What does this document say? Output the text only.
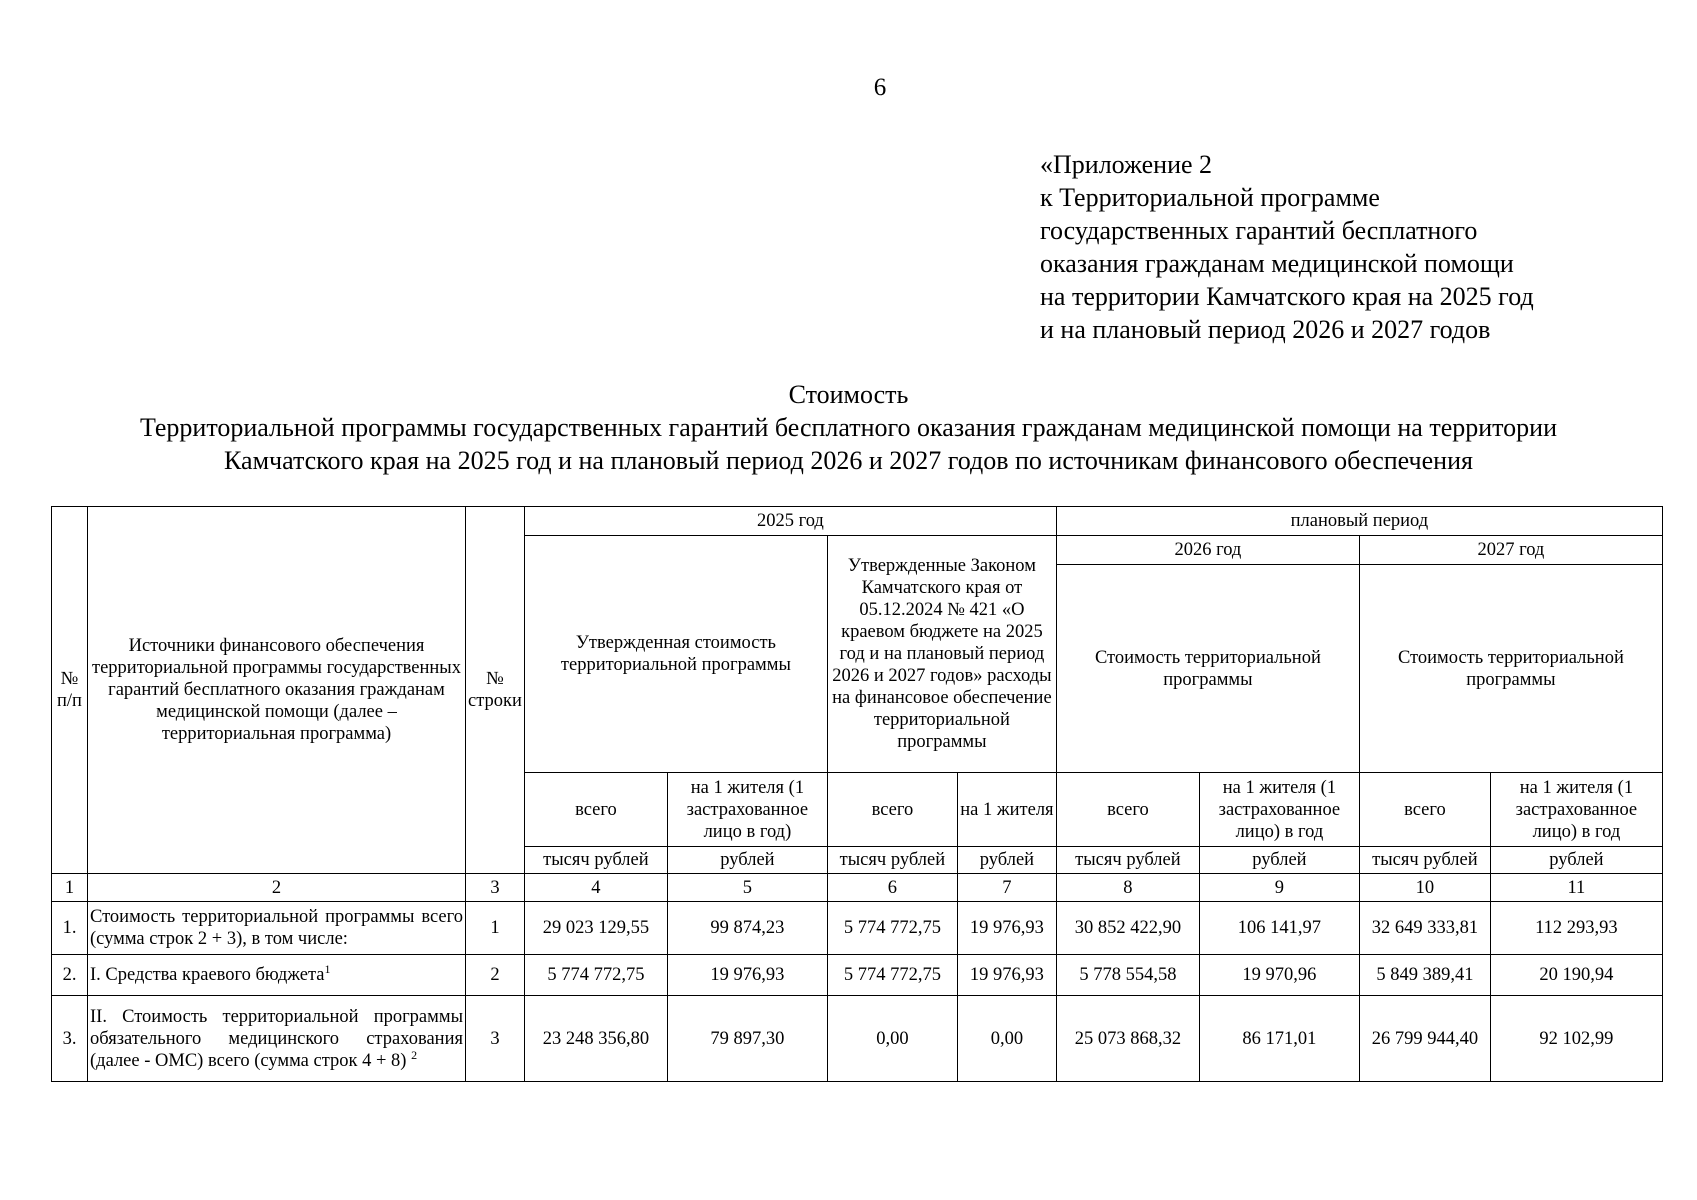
6
«Приложение 2
к Территориальной программе
государственных гарантий бесплатного
оказания гражданам медицинской помощи
на территории Камчатского края на 2025 год
и на плановый период 2026 и 2027 годов
Стоимость
Территориальной программы государственных гарантий бесплатного оказания гражданам медицинской помощи на территории
Камчатского края на 2025 год и на плановый период 2026 и 2027 годов по источникам финансового обеспечения
№ п/п	Источники финансового обеспечения территориальной программы государственных гарантий бесплатного оказания гражданам медицинской помощи (далее – территориальная программа)	№ строки	2025 год				плановый период			
			Утвержденная стоимость территориальной программы		Утвержденные Законом Камчатского края от 05.12.2024 № 421 «О краевом бюджете на 2025 год и на плановый период 2026 и 2027 годов» расходы на финансовое обеспечение территориальной программы		2026 год		2027 год	
							Стоимость территориальной программы		Стоимость территориальной программы	

			всего	на 1 жителя (1 застрахованное лицо в год)	всего	на 1 жителя	всего	на 1 жителя (1 застрахованное лицо) в год	всего	на 1 жителя (1 застрахованное лицо) в год
			тысяч рублей	рублей	тысяч рублей	рублей	тысяч рублей	рублей	тысяч рублей	рублей
1	2	3	4	5	6	7	8	9	10	11
1.	Стоимость территориальной программы всего (сумма строк 2 + 3), в том числе:	1	29 023 129,55	99 874,23	5 774 772,75	19 976,93	30 852 422,90	106 141,97	32 649 333,81	112 293,93
2.	I. Средства краевого бюджета$^1$	2	5 774 772,75	19 976,93	5 774 772,75	19 976,93	5 778 554,58	19 970,96	5 849 389,41	20 190,94
3.	II. Стоимость территориальной программы обязательного медицинского страхования (далее - ОМС) всего (сумма строк 4 + 8) $^2$	3	23 248 356,80	79 897,30	0,00	0,00	25 073 868,32	86 171,01	26 799 944,40	92 102,99
